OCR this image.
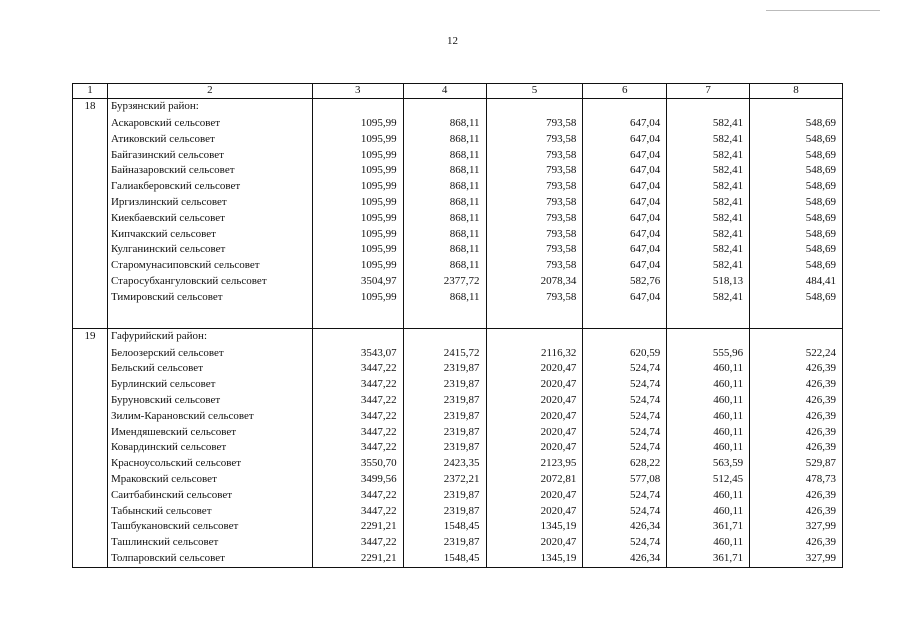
12
1	2	3	4	5	6	7	8
18	Бурзянский район:						
	Аскаровский сельсовет	1095,99	868,11	793,58	647,04	582,41	548,69
	Атиковский сельсовет	1095,99	868,11	793,58	647,04	582,41	548,69
	Байгазинский сельсовет	1095,99	868,11	793,58	647,04	582,41	548,69
	Байназаровский сельсовет	1095,99	868,11	793,58	647,04	582,41	548,69
	Галиакберовский сельсовет	1095,99	868,11	793,58	647,04	582,41	548,69
	Иргизлинский сельсовет	1095,99	868,11	793,58	647,04	582,41	548,69
	Киекбаевский сельсовет	1095,99	868,11	793,58	647,04	582,41	548,69
	Кипчакский сельсовет	1095,99	868,11	793,58	647,04	582,41	548,69
	Кулганинский сельсовет	1095,99	868,11	793,58	647,04	582,41	548,69
	Старомунасиповский сельсовет	1095,99	868,11	793,58	647,04	582,41	548,69
	Старосубхангуловский сельсовет	3504,97	2377,72	2078,34	582,76	518,13	484,41
	Тимировский сельсовет	1095,99	868,11	793,58	647,04	582,41	548,69

19	Гафурийский район:						
	Белоозерский сельсовет	3543,07	2415,72	2116,32	620,59	555,96	522,24
	Бельский сельсовет	3447,22	2319,87	2020,47	524,74	460,11	426,39
	Бурлинский сельсовет	3447,22	2319,87	2020,47	524,74	460,11	426,39
	Буруновский сельсовет	3447,22	2319,87	2020,47	524,74	460,11	426,39
	Зилим-Карановский сельсовет	3447,22	2319,87	2020,47	524,74	460,11	426,39
	Имендяшевский сельсовет	3447,22	2319,87	2020,47	524,74	460,11	426,39
	Ковардинский сельсовет	3447,22	2319,87	2020,47	524,74	460,11	426,39
	Красноусольский сельсовет	3550,70	2423,35	2123,95	628,22	563,59	529,87
	Мраковский сельсовет	3499,56	2372,21	2072,81	577,08	512,45	478,73
	Саитбабинский сельсовет	3447,22	2319,87	2020,47	524,74	460,11	426,39
	Табынский сельсовет	3447,22	2319,87	2020,47	524,74	460,11	426,39
	Ташбукановский сельсовет	2291,21	1548,45	1345,19	426,34	361,71	327,99
	Ташлинский сельсовет	3447,22	2319,87	2020,47	524,74	460,11	426,39
	Толпаровский сельсовет	2291,21	1548,45	1345,19	426,34	361,71	327,99
